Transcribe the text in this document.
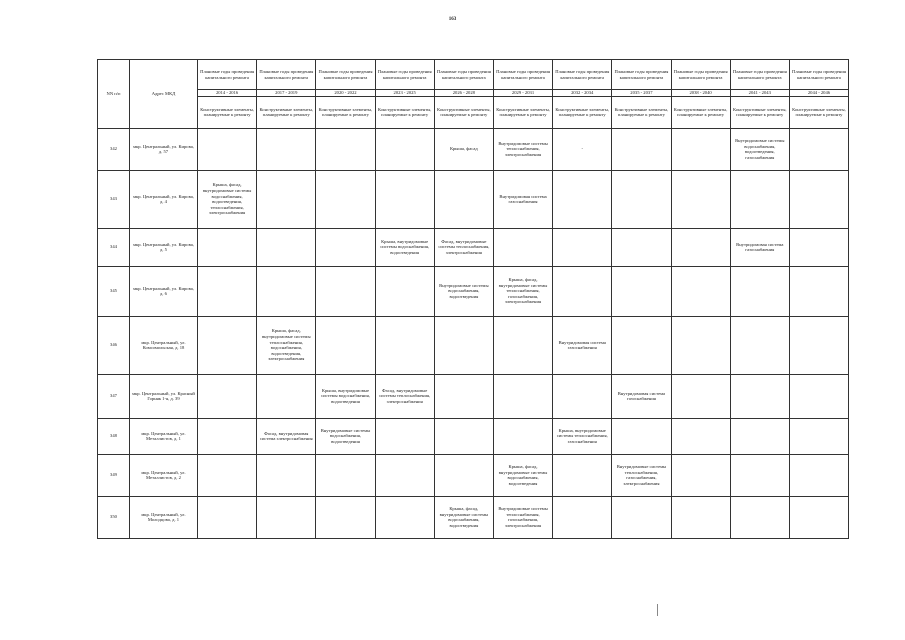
163
NN п/п	Адрес МКД	Плановые годы проведения капитального ремонта	Плановые годы проведения капитального ремонта	Плановые годы проведения капитального ремонта	Плановые годы проведения капитального ремонта	Плановые годы проведения капитального ремонта	Плановые годы проведения капитального ремонта	Плановые годы проведения капитального ремонта	Плановые годы проведения капитального ремонта	Плановые годы проведения капитального ремонта	Плановые годы проведения капитального ремонта	Плановые годы проведения капитального ремонта
		2014 - 2016	2017 - 2019	2020 - 2022	2023 - 2025	2026 - 2028	2029 - 2031	2032 - 2034	2035 - 2037	2038 - 2040	2041 - 2043	2044 - 2046
		Конструктивные элементы, планируемые к ремонту	Конструктивные элементы, планируемые к ремонту	Конструктивные элементы, планируемые к ремонту	Конструктивные элементы, планируемые к ремонту	Конструктивные элементы, планируемые к ремонту	Конструктивные элементы, планируемые к ремонту	Конструктивные элементы, планируемые к ремонту	Конструктивные элементы, планируемые к ремонту	Конструктивные элементы, планируемые к ремонту	Конструктивные элементы, планируемые к ремонту	Конструктивные элементы, планируемые к ремонту
342	мкр. Центральный, ул. Кирова, д. 57					Крыша, фасад	Внутридомовые системы теплоснабжения, электроснабжения	-			Внутридомовые системы водоснабжения, водоотведения, газоснабжения	
343	мкр. Центральный, ул. Кирова, д. 4	Крыша, фасад, внутридомовые системы водоснабжения, водоотведения, теплоснабжения, электроснабжения					Внутридомовая система газоснабжения					
344	мкр. Центральный, ул. Кирова, д. 5				Крыша, внутридомовые системы водоснабжения, водоотведения	Фасад, внутридомовые системы теплоснабжения, электроснабжения					Внутридомовая система газоснабжения	
345	мкр. Центральный, ул. Кирова, д. 6					Внутридомовые системы водоснабжения, водоотведения	Крыша, фасад, внутридомовые системы теплоснабжения, газоснабжения, электроснабжения					
346	мкр. Центральный, ул. Комсомольская, д. 18		Крыша, фасад, внутридомовые системы теплоснабжения, водоснабжения, водоотведения, электроснабжения					Внутридомовая система газоснабжения				
347	мкр. Центральный, ул. Красный Горняк 1-я, д. 39			Крыша, внутридомовые системы водоснабжения, водоотведения	Фасад, внутридомовые системы теплоснабжения, электроснабжения				Внутридомовая система газоснабжения			
348	мкр. Центральный, ул. Металлистов, д. 1		Фасад, внутридомовая система электроснабжения	Внутридомовые системы водоснабжения, водоотведения				Крыша, внутридомовые системы теплоснабжения, газоснабжения				
349	мкр. Центральный, ул. Металлистов, д. 2						Крыша, фасад, внутридомовые системы водоснабжения, водоотведения		Внутридомовые системы теплоснабжения, газоснабжения, электроснабжения			
350	мкр. Центральный, ул. Молодцова, д. 1					Крыша, фасад, внутридомовые системы водоснабжения, водоотведения	Внутридомовые системы теплоснабжения, газоснабжения, электроснабжения					
